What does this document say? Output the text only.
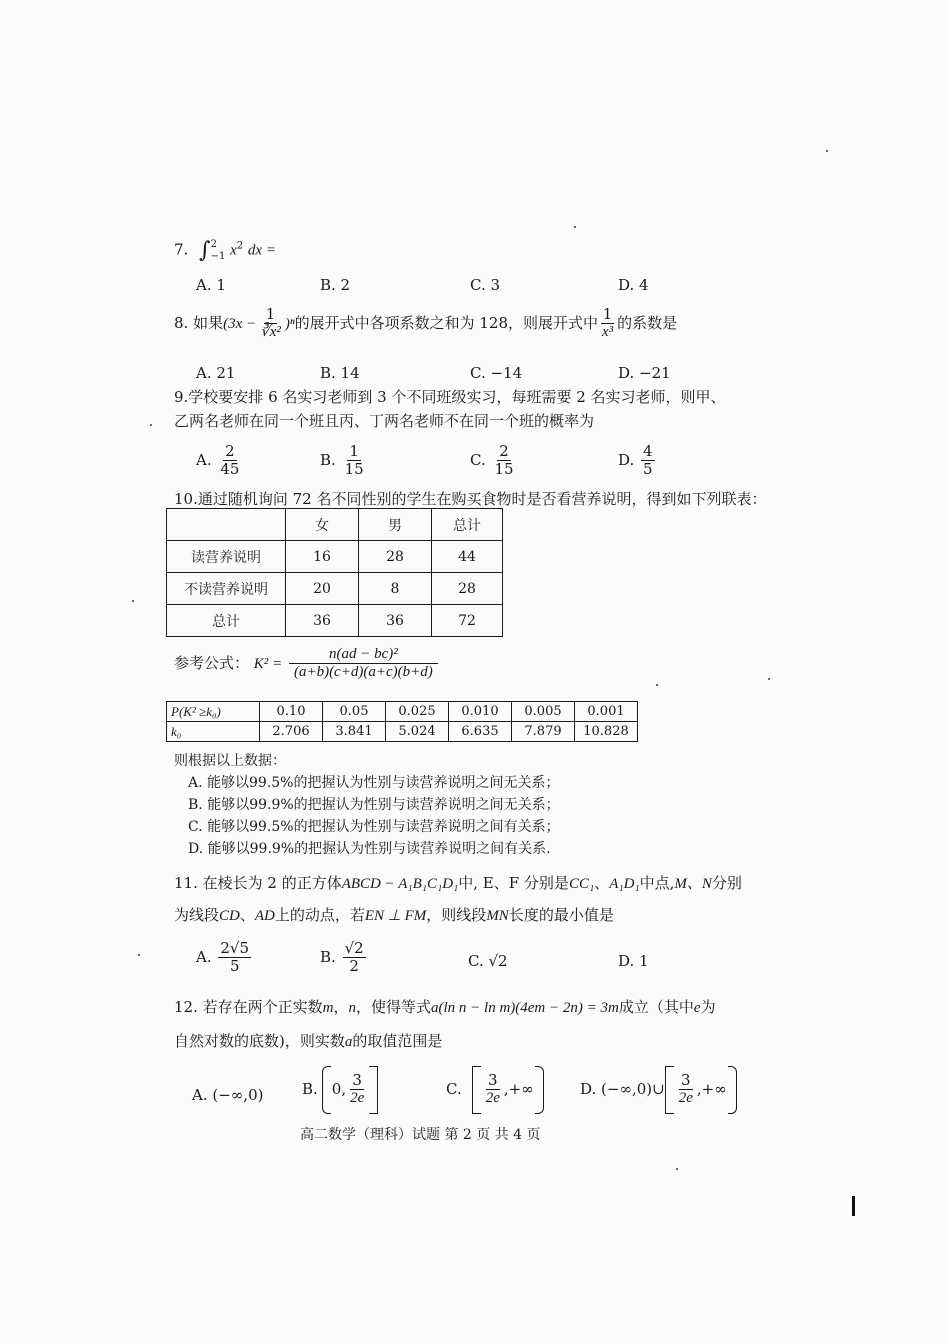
7. ∫ 2
−1 $x^2$ dx =
A. 1	B. 2	C. 3	D. 4
8. 如果$(3x - \frac{1}{\text{∛x²}} )^n$的展开式中各项系数之和为 128，则展开式中 $\frac{1}{\text{x³}}$ 的系数是
A. 21	B. 14	C. −14	D. −21
9.学校要安排 6 名实习老师到 3 个不同班级实习，每班需要 2 名实习老师，则甲、
乙两名老师在同一个班且丙、丁两名老师不在同一个班的概率为
A. $\frac{2}{45}$	B. $\frac{1}{15}$	C. $\frac{2}{15}$	D. $\frac{4}{5}$
10.通过随机询问 72 名不同性别的学生在购买食物时是否看营养说明，得到如下列联表：
	女	男	总计
读营养说明	16	28	44
不读营养说明	20	8	28
总计	36	36	72
参考公式： $K^2 = \frac{\text{n(ad − bc)²}}{(a+b)(c+d)(a+c)(b+d)}$
P(K² ≥k₀)	0.10	0.05	0.025	0.010	0.005	0.001
k₀	2.706	3.841	5.024	6.635	7.879	10.828
则根据以上数据：
A. 能够以99.5%的把握认为性别与读营养说明之间无关系；
B. 能够以99.9%的把握认为性别与读营养说明之间无关系；
C. 能够以99.5%的把握认为性别与读营养说明之间有关系；
D. 能够以99.9%的把握认为性别与读营养说明之间有关系.
11. 在棱长为 2 的正方体ABCD − A₁B₁C₁D₁中, E、F 分别是CC₁、A₁D₁中点,M、N分别
为线段CD、AD上的动点，若EN ⊥ FM，则线段MN长度的最小值是
A. $\frac{2√5}{5}$	B. $\frac{√2}{2}$	C. √2	D. 1
12. 若存在两个正实数m，n，使得等式a(ln n − ln m)(4em − 2n) = 3m成立（其中e为
自然对数的底数)，则实数a的取值范围是
A. (−∞,0)	B. 0, $\frac{3}{2e}$	C. $\frac{3}{2e}$ ,+∞	D. (−∞,0)∪ $\frac{3}{2e}$ ,+∞
高二数学（理科）试题 第 2 页 共 4 页
